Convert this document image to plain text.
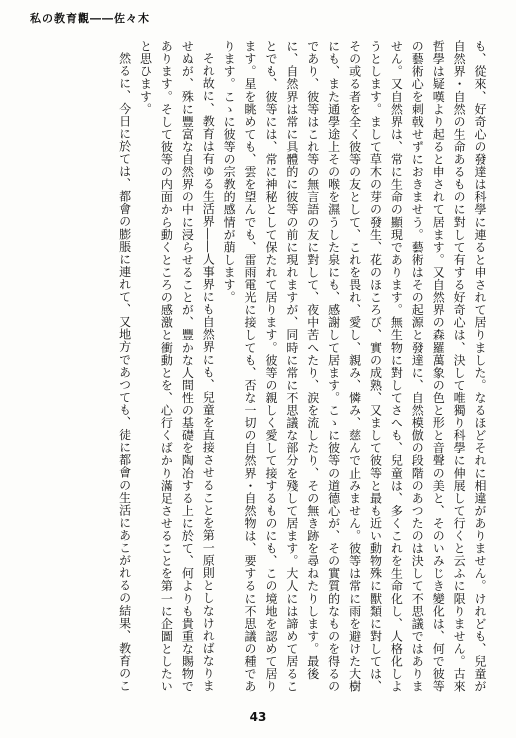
私の教育觀――佐々木

も、從來、好奇心の發達は科學に連ると申されて居りました。なるほどそれに相違がありません。けれども、兒童が自然界・自然の生命あるものに對して有する好奇心は、決して唯獨り科學に伸展して行くと云ふに限りません。古來哲學は疑嘆より起ると申されて居ます。又自然界の森羅萬象の色と形と音聲の美と、そのいみじき變化は、何で彼等の藝術心を刺戟せずにおきませう。藝術はその起源と發達に、自然模倣の段階のあつたのは決して不思議ではありません。又自然界は、常に生命の顯現であります。無生物に對してさへも、兒童は、多くこれを生命化し、人格化しようとします。まして草木の芽の發生、花のほころび、實の成熟、又まして彼等と最も近い動物殊に獸類に對しては、その或る者を全く彼等の友として、これを畏れ、愛し、親み、憐み、慈んで止みません。彼等は常に雨を避けた大樹にも、また通學途上その喉を濕うした泉にも、感謝して居ます。こゝに彼等の道德心が、その實質的なものを得るのであり、彼等はこれ等の無言語の友に對して、夜中苦へたり、涙を流したり、その無き跡を尋ねたりします。最後に、自然界は常に具體的に彼等の前に現れますが、同時に常に不思議な部分を殘して居ます。大人には諦めて居ることでも、彼等には、常に神秘として保たれて居ります。彼等の親しく愛して接するものにも、この境地を認めて居ります。星を眺めても、雲を望んでも、雷雨電光に接しても、否な一切の自然界・自然物は、要するに不思議の種であります。こゝに彼等の宗教的感情が萠します。

それ故に、教育は有ゆる生活界――人事界にも自然界にも、兒童を直接させることを第一原則としなければなりませぬが、殊に豐富な自然界の中に浸らせることが、豐かな人間性の基礎を陶冶する上に於て、何よりも貴重な賜物であります。そして彼等の内面から動くところの感激と衝動とを、心行くばかり滿足させることを第一に企圖としたいと思ひます。

然るに、今日に於ては、都會の膨脹に連れて、又地方であつても、徒に都會の生活にあこがれるの結果、教育のこ

43
